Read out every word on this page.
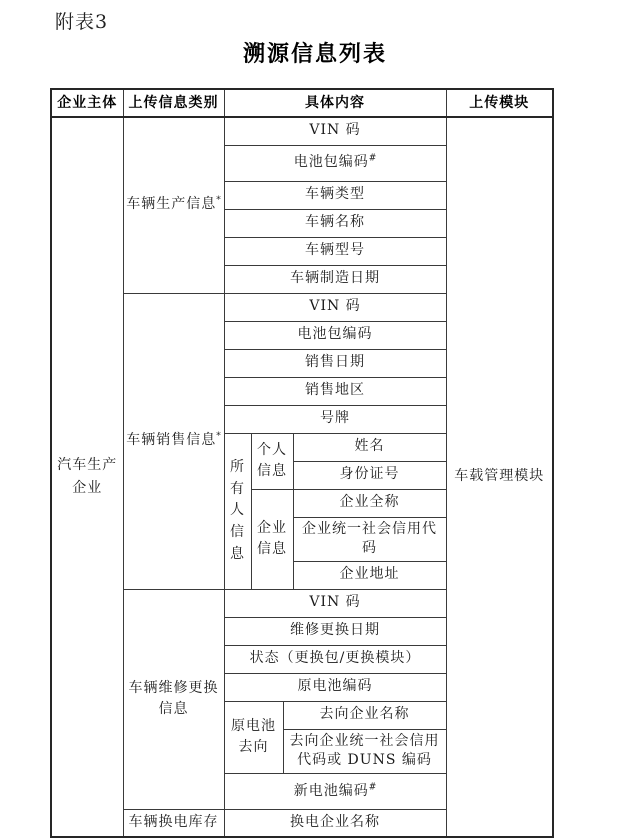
附表3
溯源信息列表
企业主体	上传信息类别	具体内容				上传模块

汽车生产企业	车辆生产信息*	VIN 码				车载管理模块
		电池包编码#
		车辆类型				
		车辆名称				
		车辆型号				
		车辆制造日期				
	车辆销售信息*	VIN 码				
		电池包编码				
		销售日期				
		销售地区				
		号牌				

		所有人信息	个人信息		姓名	
					身份证号	

			企业信息		企业全称	
					企业统一社会信用代码	
					企业地址	

	车辆维修更换信息	VIN 码				
		维修更换日期				
		状态（更换包/更换模块）				
		原电池编码				

		原电池去向		去向企业名称		
				去向企业统一社会信用代码或 DUNS 编码		
		新电池编码#
	车辆换电库存	换电企业名称				
